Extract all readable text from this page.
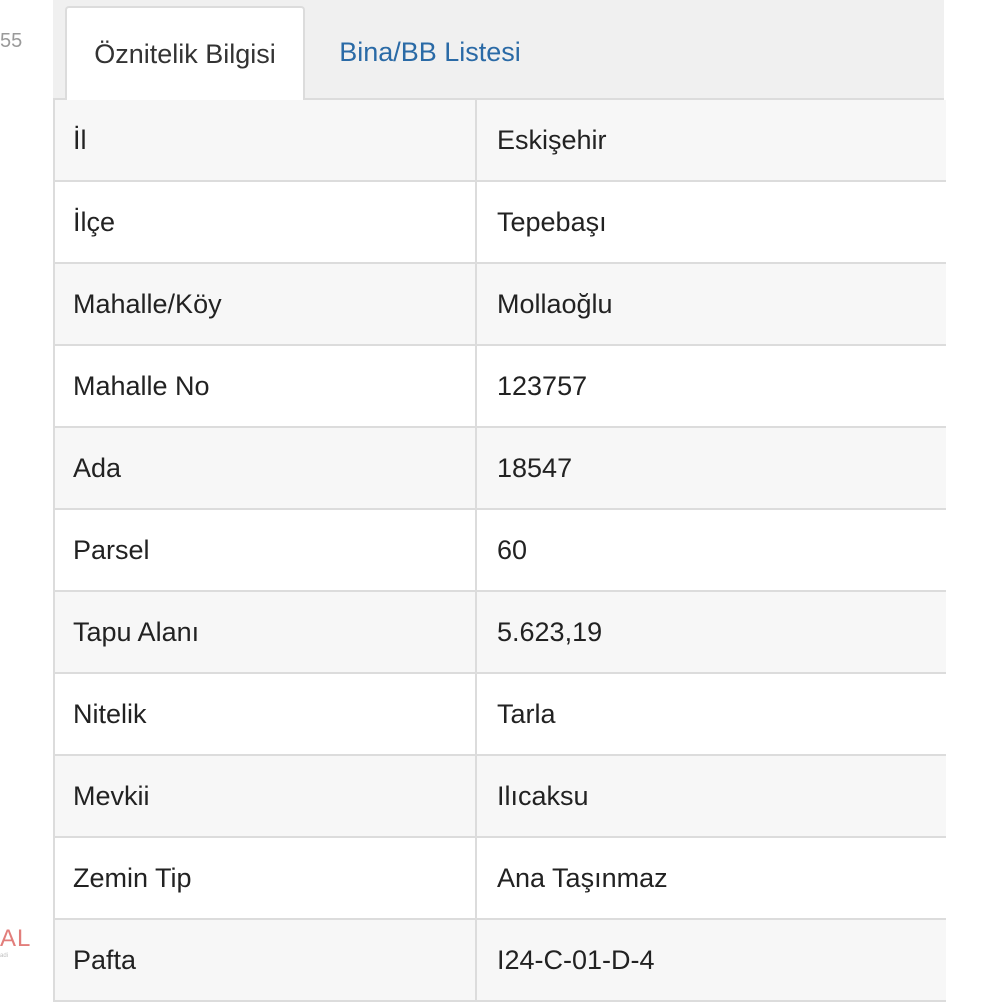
55
AL
adi
Öznitelik Bilgisi	Bina/BB Listesi
İl	Eskişehir
İlçe	Tepebaşı
Mahalle/Köy	Mollaoğlu
Mahalle No	123757
Ada	18547
Parsel	60
Tapu Alanı	5.623,19
Nitelik	Tarla
Mevkii	Ilıcaksu
Zemin Tip	Ana Taşınmaz
Pafta	I24-C-01-D-4
